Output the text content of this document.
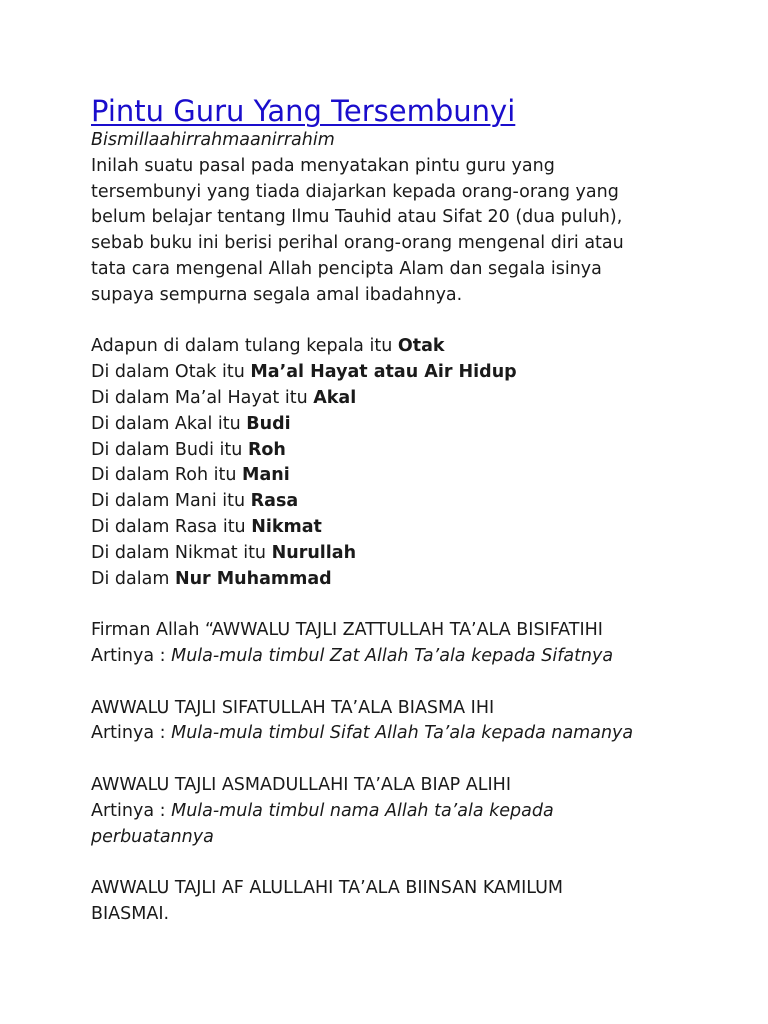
Pintu Guru Yang Tersembunyi
Bismillaahirrahmaanirrahim
Inilah suatu pasal pada menyatakan pintu guru yang
tersembunyi yang tiada diajarkan kepada orang-orang yang
belum belajar tentang Ilmu Tauhid atau Sifat 20 (dua puluh),
sebab buku ini berisi perihal orang-orang mengenal diri atau
tata cara mengenal Allah pencipta Alam dan segala isinya
supaya sempurna segala amal ibadahnya.
Adapun di dalam tulang kepala itu Otak
Di dalam Otak itu Ma’al Hayat atau Air Hidup
Di dalam Ma’al Hayat itu Akal
Di dalam Akal itu Budi
Di dalam Budi itu Roh
Di dalam Roh itu Mani
Di dalam Mani itu Rasa
Di dalam Rasa itu Nikmat
Di dalam Nikmat itu Nurullah
Di dalam Nur Muhammad
Firman Allah “AWWALU TAJLI ZATTULLAH TA’ALA BISIFATIHI
Artinya : Mula-mula timbul Zat Allah Ta’ala kepada Sifatnya
AWWALU TAJLI SIFATULLAH TA’ALA BIASMA IHI
Artinya : Mula-mula timbul Sifat Allah Ta’ala kepada namanya
AWWALU TAJLI ASMADULLAHI TA’ALA BIAP ALIHI
Artinya : Mula-mula timbul nama Allah ta’ala kepada
perbuatannya
AWWALU TAJLI AF ALULLAHI TA’ALA BIINSAN KAMILUM
BIASMAI.
